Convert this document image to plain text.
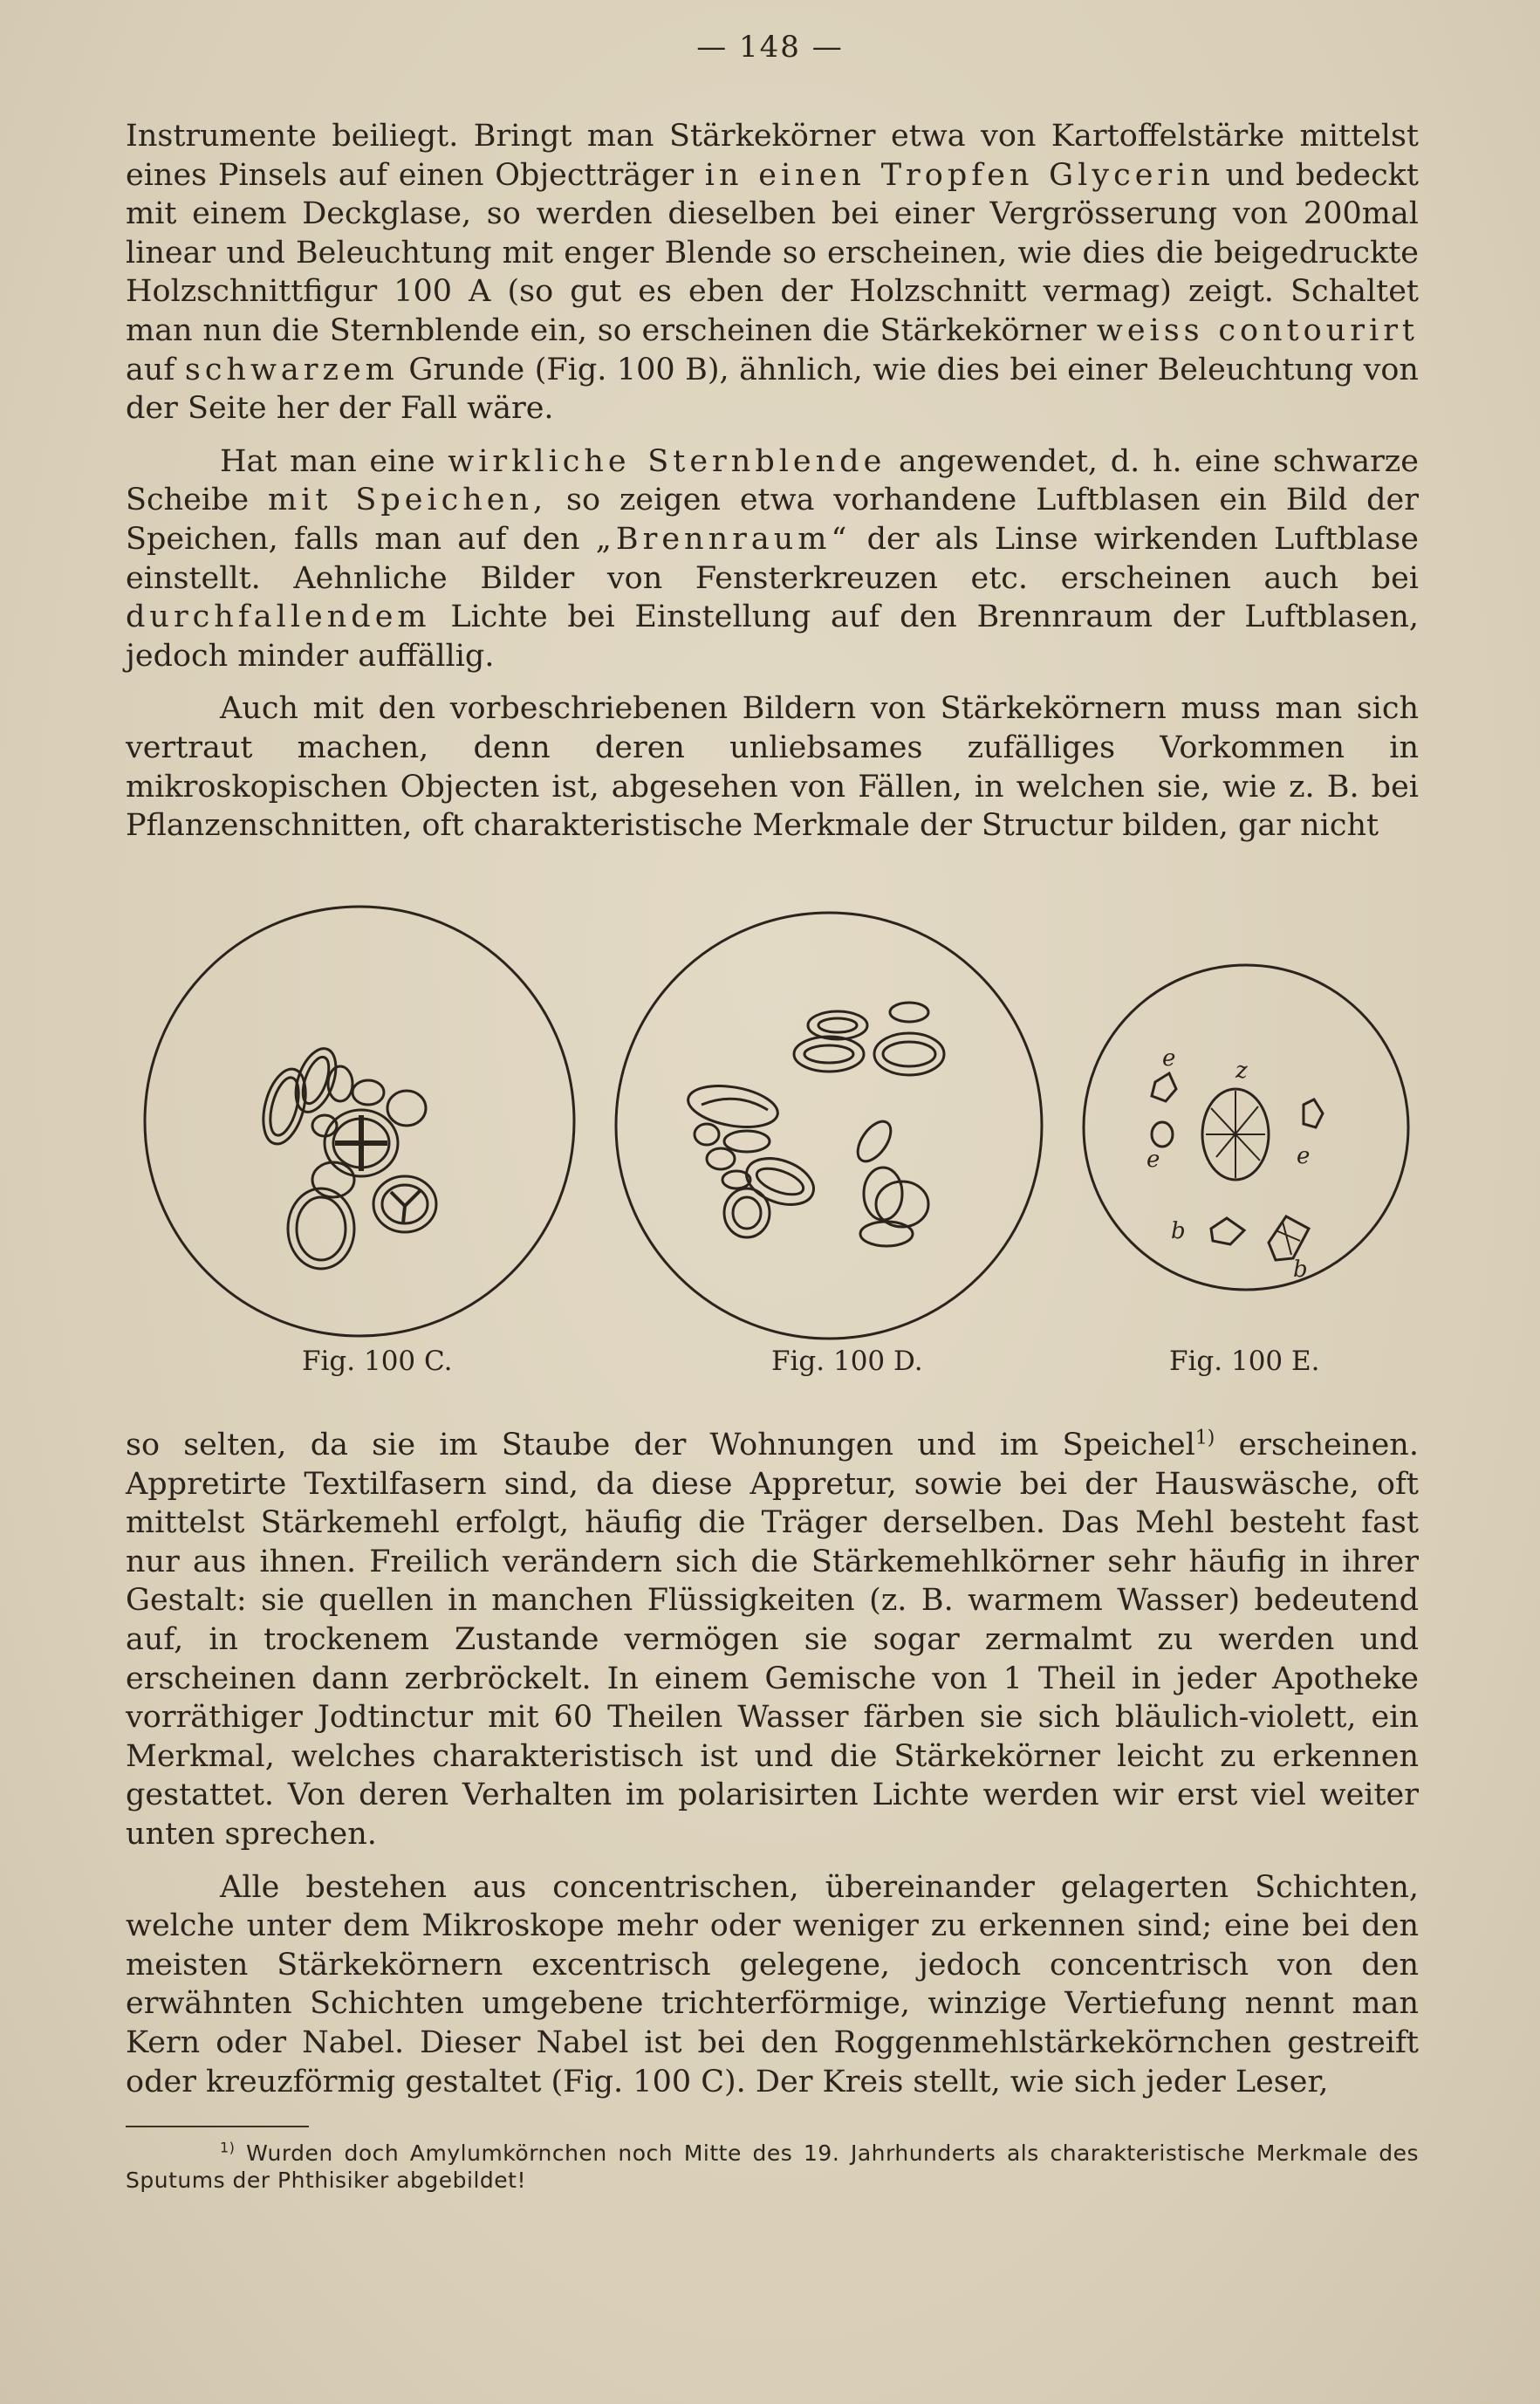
— 148 —

Instrumente beiliegt. Bringt man Stärkekörner etwa von Kartoffelstärke mittelst eines Pinsels auf einen Objectträger in einen Tropfen Glycerin und bedeckt mit einem Deckglase, so werden dieselben bei einer Vergrösserung von 200mal linear und Beleuchtung mit enger Blende so erscheinen, wie dies die beigedruckte Holzschnittfigur 100 A (so gut es eben der Holzschnitt vermag) zeigt. Schaltet man nun die Sternblende ein, so erscheinen die Stärkekörner weiss contourirt auf schwarzem Grunde (Fig. 100 B), ähnlich, wie dies bei einer Beleuchtung von der Seite her der Fall wäre.

Hat man eine wirkliche Sternblende angewendet, d. h. eine schwarze Scheibe mit Speichen, so zeigen etwa vorhandene Luftblasen ein Bild der Speichen, falls man auf den „Brennraum“ der als Linse wirkenden Luftblase einstellt. Aehnliche Bilder von Fensterkreuzen etc. erscheinen auch bei durchfallendem Lichte bei Einstellung auf den Brennraum der Luftblasen, jedoch minder auffällig.

Auch mit den vorbeschriebenen Bildern von Stärkekörnern muss man sich vertraut machen, denn deren unliebsames zufälliges Vorkommen in mikroskopischen Objecten ist, abgesehen von Fällen, in welchen sie, wie z. B. bei Pflanzenschnitten, oft charakteristische Merkmale der Structur bilden, gar nicht

e	z
e	e
b
b
Fig. 100 C.	Fig. 100 D.	Fig. 100 E.

so selten, da sie im Staube der Wohnungen und im Speichel$^{1)}$ erscheinen. Appretirte Textilfasern sind, da diese Appretur, sowie bei der Hauswäsche, oft mittelst Stärkemehl erfolgt, häufig die Träger derselben. Das Mehl besteht fast nur aus ihnen. Freilich verändern sich die Stärkemehlkörner sehr häufig in ihrer Gestalt: sie quellen in manchen Flüssigkeiten (z. B. warmem Wasser) bedeutend auf, in trockenem Zustande vermögen sie sogar zermalmt zu werden und erscheinen dann zerbröckelt. In einem Gemische von 1 Theil in jeder Apotheke vorräthiger Jodtinctur mit 60 Theilen Wasser färben sie sich bläulich-violett, ein Merkmal, welches charakteristisch ist und die Stärkekörner leicht zu erkennen gestattet. Von deren Verhalten im polarisirten Lichte werden wir erst viel weiter unten sprechen.

Alle bestehen aus concentrischen, übereinander gelagerten Schichten, welche unter dem Mikroskope mehr oder weniger zu erkennen sind; eine bei den meisten Stärkekörnern excentrisch gelegene, jedoch concentrisch von den erwähnten Schichten umgebene trichterförmige, winzige Vertiefung nennt man Kern oder Nabel. Dieser Nabel ist bei den Roggenmehlstärkekörnchen gestreift oder kreuzförmig gestaltet (Fig. 100 C). Der Kreis stellt, wie sich jeder Leser,

$^{1)}$ Wurden doch Amylumkörnchen noch Mitte des 19. Jahrhunderts als charakteristische Merkmale des Sputums der Phthisiker abgebildet!
